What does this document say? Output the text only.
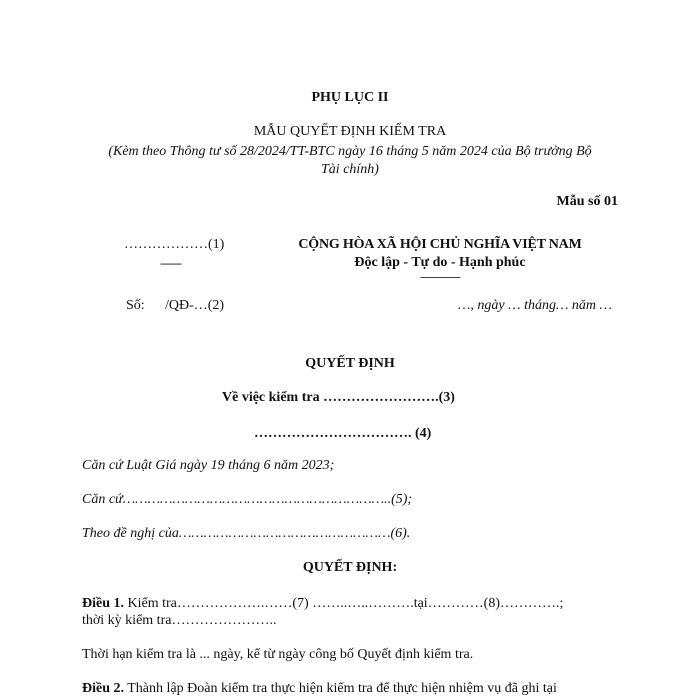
PHỤ LỤC II
MẪU QUYẾT ĐỊNH KIỂM TRA
(Kèm theo Thông tư số 28/2024/TT-BTC ngày 16 tháng 5 năm 2024 của Bộ trưởng Bộ
Tài chính)
Mẫu số 01
………………(1)
-------
CỘNG HÒA XÃ HỘI CHỦ NGHĨA VIỆT NAM
Độc lập - Tự do - Hạnh phúc
---------------
Số: /QĐ-…(2)	…, ngày … tháng… năm …
QUYẾT ĐỊNH
Về việc kiểm tra …………………….(3)
……………………………. (4)
Căn cứ Luật Giá ngày 19 tháng 6 năm 2023;
Căn cứ………………………………………………………..(5);
Theo đề nghị của……………………………………………(6).
QUYẾT ĐỊNH:
Điều 1. Kiểm tra……………….……(7) ……..…..……….tại…………(8)………….;
thời kỳ kiểm tra…………………..
Thời hạn kiểm tra là ... ngày, kể từ ngày công bố Quyết định kiểm tra.
Điều 2. Thành lập Đoàn kiểm tra thực hiện kiểm tra để thực hiện nhiệm vụ đã ghi tại
